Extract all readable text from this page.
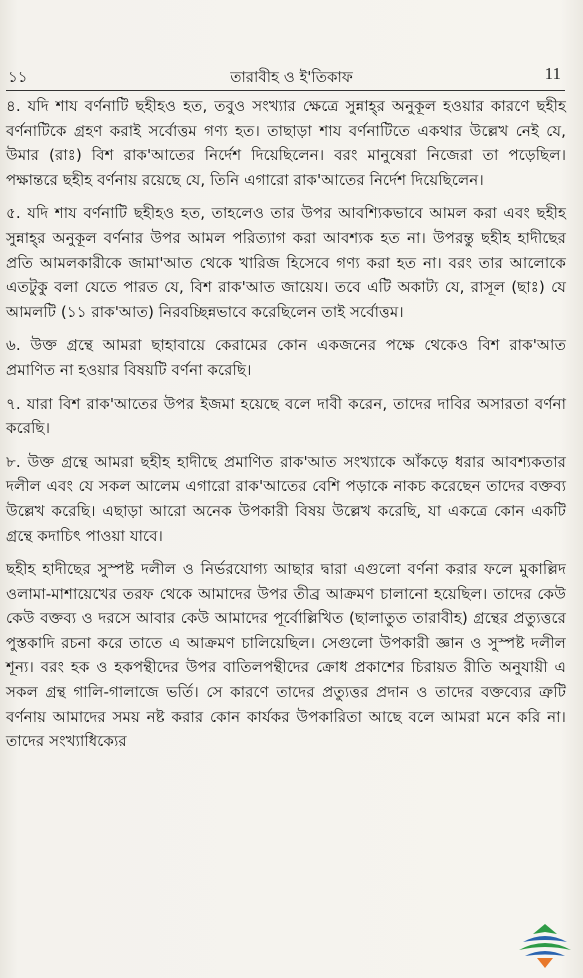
১১	তারাবীহ ও ই'তিকাফ	11

৪. যদি শায বর্ণনাটি ছহীহও হত, তবুও সংখ্যার ক্ষেত্রে সুন্নাহ্‌র অনুকূল হওয়ার কারণে ছহীহ বর্ণনাটিকে গ্রহণ করাই সর্বোত্তম গণ্য হত। তাছাড়া শায বর্ণনাটিতে একথার উল্লেখ নেই যে, উমার (রাঃ) বিশ রাক'আতের নির্দেশ দিয়েছিলেন। বরং মানুষেরা নিজেরা তা পড়েছিল। পক্ষান্তরে ছহীহ বর্ণনায় রয়েছে যে, তিনি এগারো রাক'আতের নির্দেশ দিয়েছিলেন।

৫. যদি শায বর্ণনাটি ছহীহও হত, তাহলেও তার উপর আবশ্যিকভাবে আমল করা এবং ছহীহ সুন্নাহ্‌র অনুকূল বর্ণনার উপর আমল পরিত্যাগ করা আবশ্যক হত না। উপরন্তু ছহীহ হাদীছের প্রতি আমলকারীকে জামা'আত থেকে খারিজ হিসেবে গণ্য করা হত না। বরং তার আলোকে এতটুকু বলা যেতে পারত যে, বিশ রাক'আত জায়েয। তবে এটি অকাট্য যে, রাসূল (ছাঃ) যে আমলটি (১১ রাক'আত) নিরবচ্ছিন্নভাবে করেছিলেন তাই সর্বোত্তম।

৬. উক্ত গ্রন্থে আমরা ছাহাবায়ে কেরামের কোন একজনের পক্ষে থেকেও বিশ রাক'আত প্রমাণিত না হওয়ার বিষয়টি বর্ণনা করেছি।

৭. যারা বিশ রাক'আতের উপর ইজমা হয়েছে বলে দাবী করেন, তাদের দাবির অসারতা বর্ণনা করেছি।

৮. উক্ত গ্রন্থে আমরা ছহীহ হাদীছে প্রমাণিত রাক'আত সংখ্যাকে আঁকড়ে ধরার আবশ্যকতার দলীল এবং যে সকল আলেম এগারো রাক'আতের বেশি পড়াকে নাকচ করেছেন তাদের বক্তব্য উল্লেখ করেছি। এছাড়া আরো অনেক উপকারী বিষয় উল্লেখ করেছি, যা একত্রে কোন একটি গ্রন্থে কদাচিৎ পাওয়া যাবে।

ছহীহ হাদীছের সুস্পষ্ট দলীল ও নির্ভরযোগ্য আছার দ্বারা এগুলো বর্ণনা করার ফলে মুকাল্লিদ ওলামা-মাশায়েখের তরফ থেকে আমাদের উপর তীব্র আক্রমণ চালানো হয়েছিল। তাদের কেউ কেউ বক্তব্য ও দরসে আবার কেউ আমাদের পূর্বোল্লিখিত (ছালাতুত তারাবীহ) গ্রন্থের প্রত্যুত্তরে পুস্তকাদি রচনা করে তাতে এ আক্রমণ চালিয়েছিল। সেগুলো উপকারী জ্ঞান ও সুস্পষ্ট দলীল শূন্য। বরং হক ও হকপন্থীদের উপর বাতিলপন্থীদের ক্রোধ প্রকাশের চিরায়ত রীতি অনুযায়ী এ সকল গ্রন্থ গালি-গালাজে ভর্তি। সে কারণে তাদের প্রত্যুত্তর প্রদান ও তাদের বক্তব্যের ত্রুটি বর্ণনায় আমাদের সময় নষ্ট করার কোন কার্যকর উপকারিতা আছে বলে আমরা মনে করি না। তাদের সংখ্যাধিক্যের
